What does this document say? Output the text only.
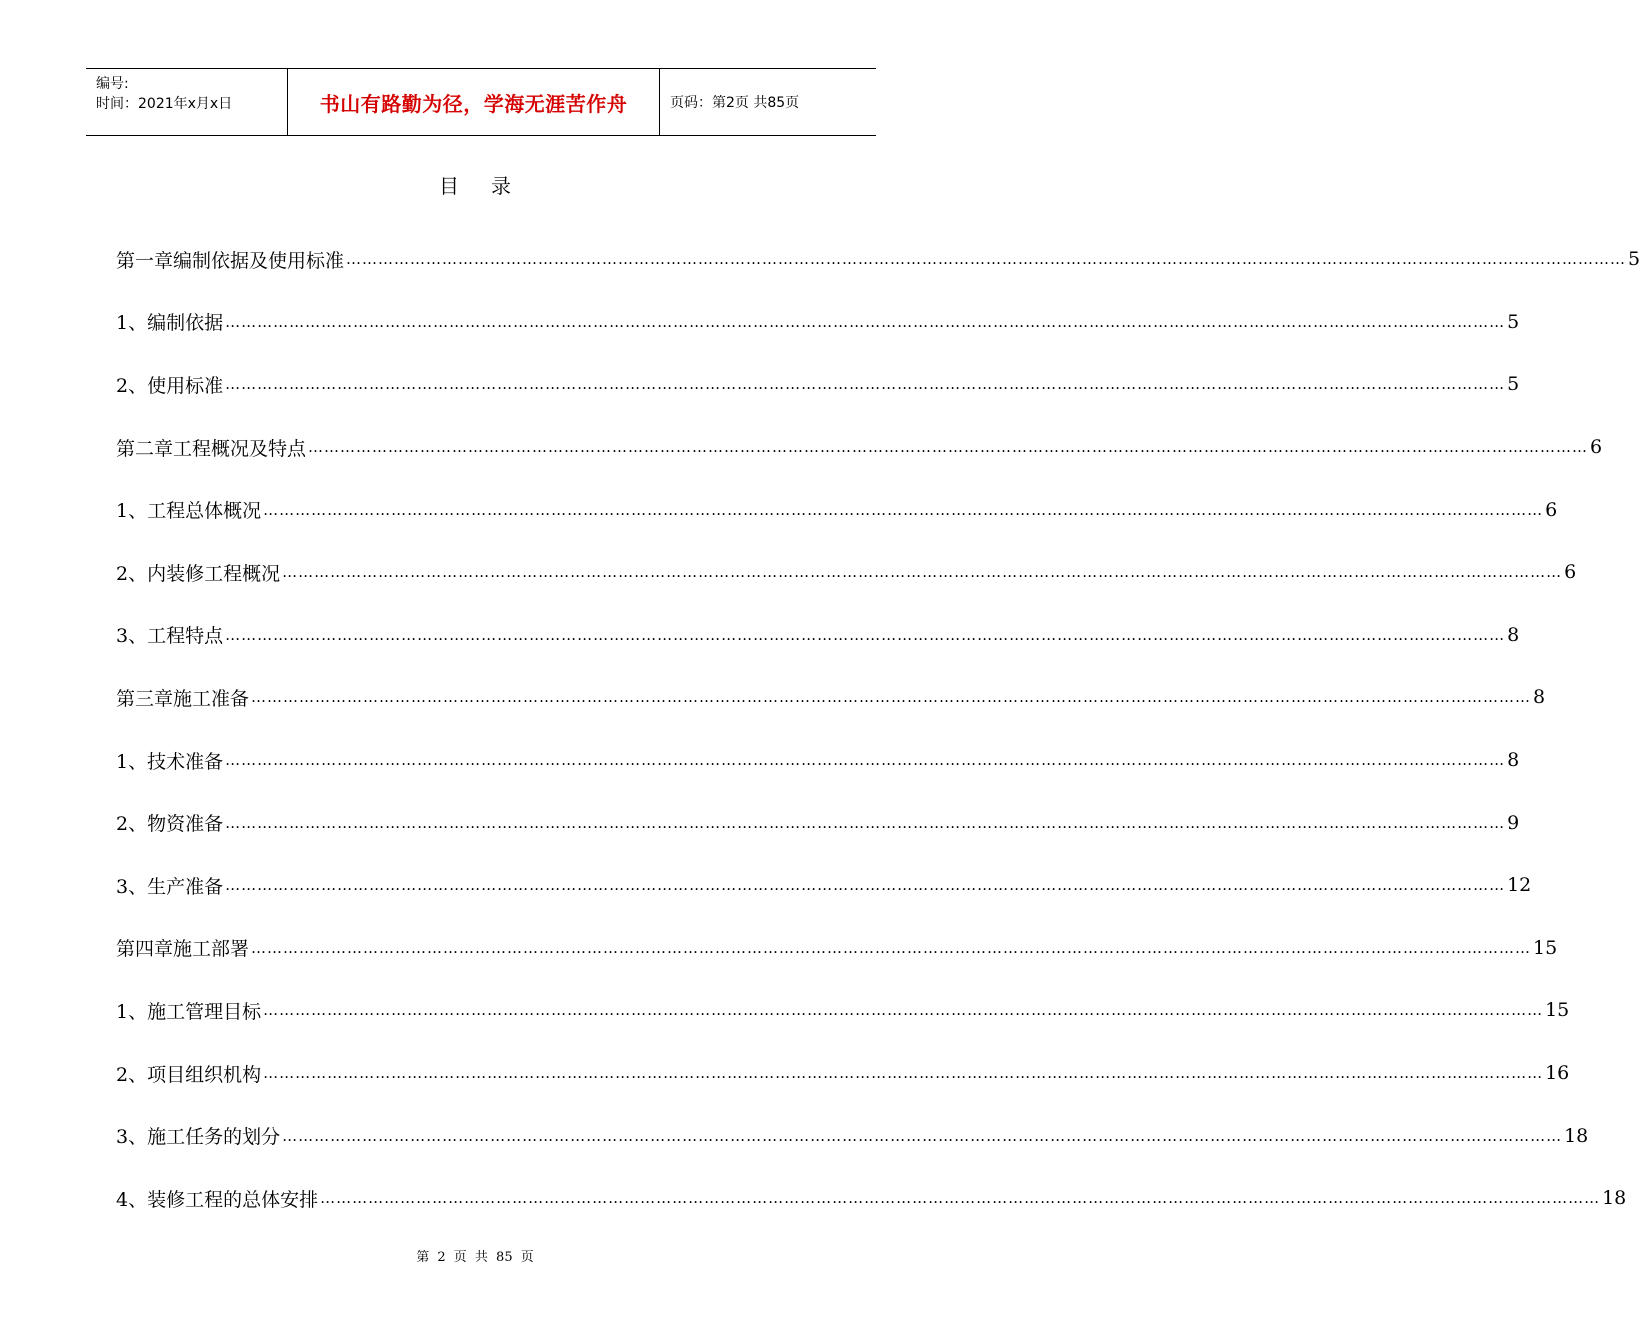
编号:
时间：2021年x月x日	书山有路勤为径，学海无涯苦作舟	页码：第2页 共85页
目录
第一章编制依据及使用标准 …………………………………………………………………………………………………………………………………………………………………………………………………………………… 5
1、编制依据 …………………………………………………………………………………………………………………………………………………………………………………………………………………… 5
2、使用标准 …………………………………………………………………………………………………………………………………………………………………………………………………………………… 5
第二章工程概况及特点 …………………………………………………………………………………………………………………………………………………………………………………………………………………… 6
1、工程总体概况 …………………………………………………………………………………………………………………………………………………………………………………………………………………… 6
2、内装修工程概况 …………………………………………………………………………………………………………………………………………………………………………………………………………………… 6
3、工程特点 …………………………………………………………………………………………………………………………………………………………………………………………………………………… 8
第三章施工准备 …………………………………………………………………………………………………………………………………………………………………………………………………………………… 8
1、技术准备 …………………………………………………………………………………………………………………………………………………………………………………………………………………… 8
2、物资准备 …………………………………………………………………………………………………………………………………………………………………………………………………………………… 9
3、生产准备 …………………………………………………………………………………………………………………………………………………………………………………………………………………… 12
第四章施工部署 …………………………………………………………………………………………………………………………………………………………………………………………………………………… 15
1、施工管理目标 …………………………………………………………………………………………………………………………………………………………………………………………………………………… 15
2、项目组织机构 …………………………………………………………………………………………………………………………………………………………………………………………………………………… 16
3、施工任务的划分 …………………………………………………………………………………………………………………………………………………………………………………………………………………… 18
4、装修工程的总体安排 …………………………………………………………………………………………………………………………………………………………………………………………………………………… 18
第 2 页 共 85 页
